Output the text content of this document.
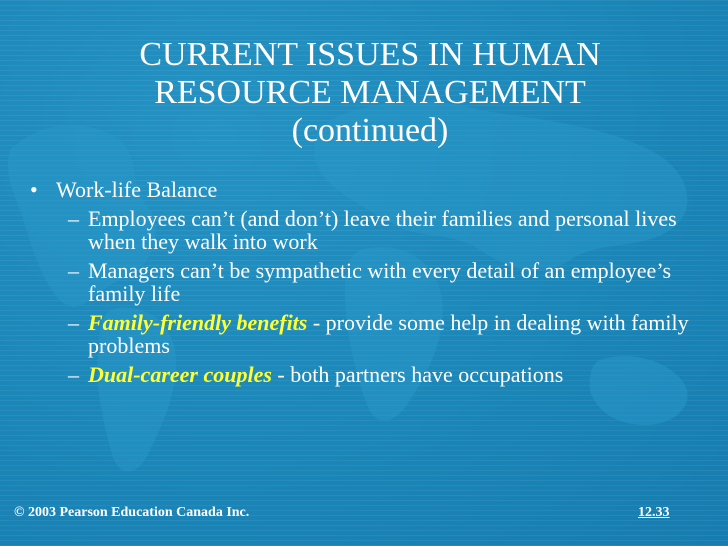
CURRENT ISSUES IN HUMAN
RESOURCE MANAGEMENT
(continued)
• Work-life Balance
– Employees can’t (and don’t) leave their families and personal lives when they walk into work
– Managers can’t be sympathetic with every detail of an employee’s family life
– Family-friendly benefits - provide some help in dealing with family problems
– Dual-career couples - both partners have occupations
© 2003 Pearson Education Canada Inc.	12.33
